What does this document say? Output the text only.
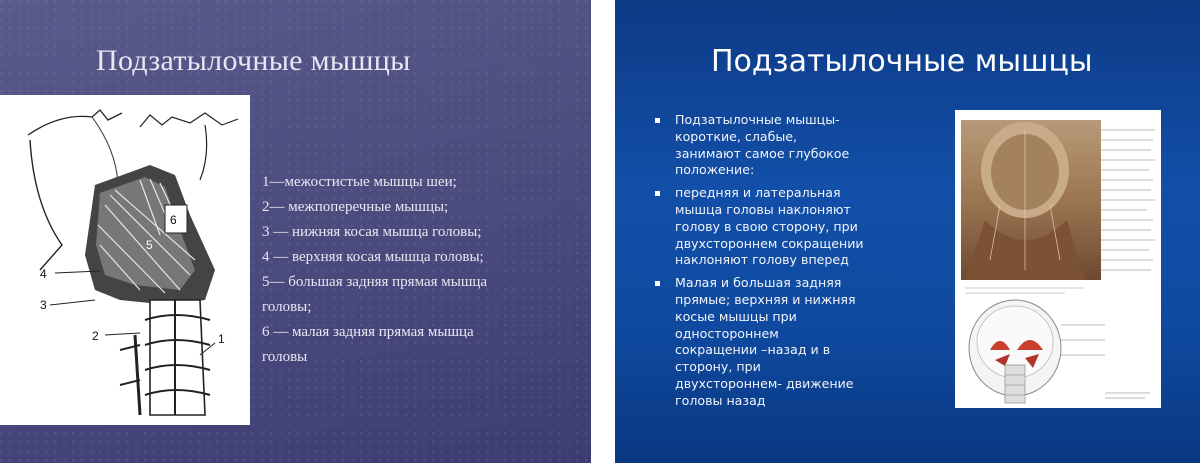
Подзатылочные мышцы
6
5
4
3
2	1
1—межостистые мышцы шеи;
2— межпоперечные мышцы;
3 — нижняя косая мышца головы;
4 — верхняя косая мышца головы;
5— большая задняя прямая мышца
головы;
6 — малая задняя прямая мышца
головы
Подзатылочные мышцы
Подзатылочные мышцы-
короткие, слабые,
занимают самое глубокое
положение:
передняя и латеральная
мышца головы наклоняют
голову в свою сторону, при
двухстороннем сокращении
наклоняют голову вперед
Малая и большая задняя
прямые; верхняя и нижняя
косые мышцы при
одностороннем
сокращении –назад и в
сторону, при
двухстороннем- движение
головы назад
